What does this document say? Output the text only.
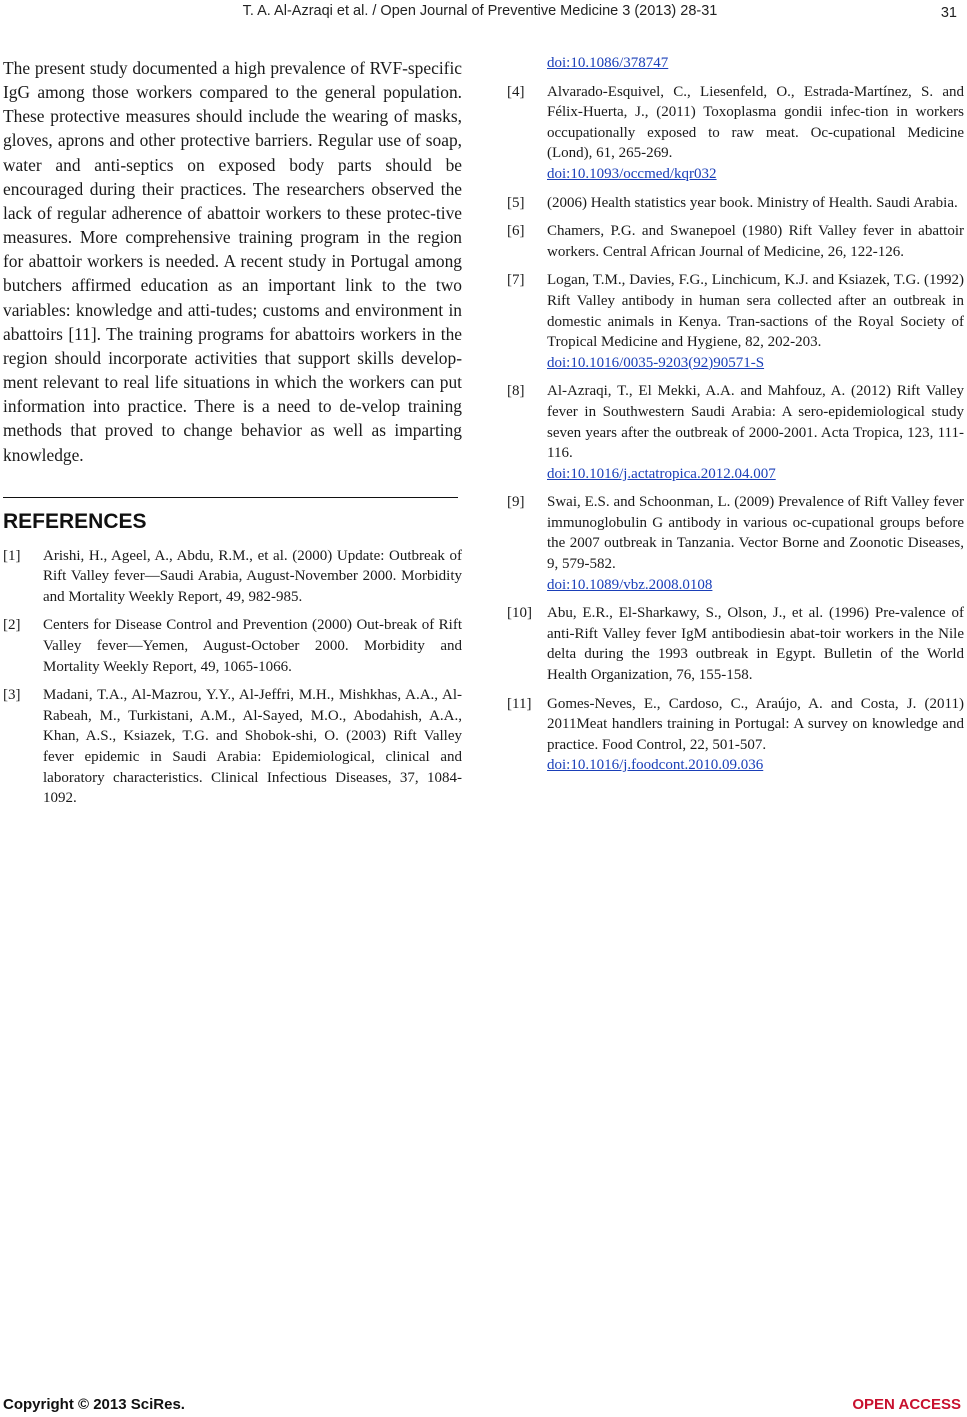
T. A. Al-Azraqi et al. / Open Journal of Preventive Medicine 3 (2013) 28-31	31

The present study documented a high prevalence of RVF-specific IgG among those workers compared to the general population. These protective measures should include the wearing of masks, gloves, aprons and other protective barriers. Regular use of soap, water and anti-septics on exposed body parts should be encouraged during their practices. The researchers observed the lack of regular adherence of abattoir workers to these protec-tive measures. More comprehensive training program in the region for abattoir workers is needed. A recent study in Portugal among butchers affirmed education as an important link to the two variables: knowledge and atti-tudes; customs and environment in abattoirs [11]. The training programs for abattoirs workers in the region should incorporate activities that support skills develop-ment relevant to real life situations in which the workers can put information into practice. There is a need to de-velop training methods that proved to change behavior as well as imparting knowledge.

REFERENCES
[1] Arishi, H., Ageel, A., Abdu, R.M., et al. (2000) Update: Outbreak of Rift Valley fever—Saudi Arabia, August-November 2000. Morbidity and Mortality Weekly Report, 49, 982-985.
[2] Centers for Disease Control and Prevention (2000) Out-break of Rift Valley fever—Yemen, August-October 2000. Morbidity and Mortality Weekly Report, 49, 1065-1066.
[3] Madani, T.A., Al-Mazrou, Y.Y., Al-Jeffri, M.H., Mishkhas, A.A., Al-Rabeah, M., Turkistani, A.M., Al-Sayed, M.O., Abodahish, A.A., Khan, A.S., Ksiazek, T.G. and Shobok-shi, O. (2003) Rift Valley fever epidemic in Saudi Arabia: Epidemiological, clinical and laboratory characteristics. Clinical Infectious Diseases, 37, 1084-1092.
doi:10.1086/378747
[4] Alvarado-Esquivel, C., Liesenfeld, O., Estrada-Martínez, S. and Félix-Huerta, J., (2011) Toxoplasma gondii infec-tion in workers occupationally exposed to raw meat. Oc-cupational Medicine (Lond), 61, 265-269.
doi:10.1093/occmed/kqr032
[5] (2006) Health statistics year book. Ministry of Health. Saudi Arabia.
[6] Chamers, P.G. and Swanepoel (1980) Rift Valley fever in abattoir workers. Central African Journal of Medicine, 26, 122-126.
[7] Logan, T.M., Davies, F.G., Linchicum, K.J. and Ksiazek, T.G. (1992) Rift Valley antibody in human sera collected after an outbreak in domestic animals in Kenya. Tran-sactions of the Royal Society of Tropical Medicine and Hygiene, 82, 202-203.
doi:10.1016/0035-9203(92)90571-S
[8] Al-Azraqi, T., El Mekki, A.A. and Mahfouz, A. (2012) Rift Valley fever in Southwestern Saudi Arabia: A sero-epidemiological study seven years after the outbreak of 2000-2001. Acta Tropica, 123, 111-116.
doi:10.1016/j.actatropica.2012.04.007
[9] Swai, E.S. and Schoonman, L. (2009) Prevalence of Rift Valley fever immunoglobulin G antibody in various oc-cupational groups before the 2007 outbreak in Tanzania. Vector Borne and Zoonotic Diseases, 9, 579-582.
doi:10.1089/vbz.2008.0108
[10] Abu, E.R., El-Sharkawy, S., Olson, J., et al. (1996) Pre-valence of anti-Rift Valley fever IgM antibodiesin abat-toir workers in the Nile delta during the 1993 outbreak in Egypt. Bulletin of the World Health Organization, 76, 155-158.
[11] Gomes-Neves, E., Cardoso, C., Araújo, A. and Costa, J. (2011) 2011Meat handlers training in Portugal: A survey on knowledge and practice. Food Control, 22, 501-507.
doi:10.1016/j.foodcont.2010.09.036
Copyright © 2013 SciRes.	OPEN ACCESS
